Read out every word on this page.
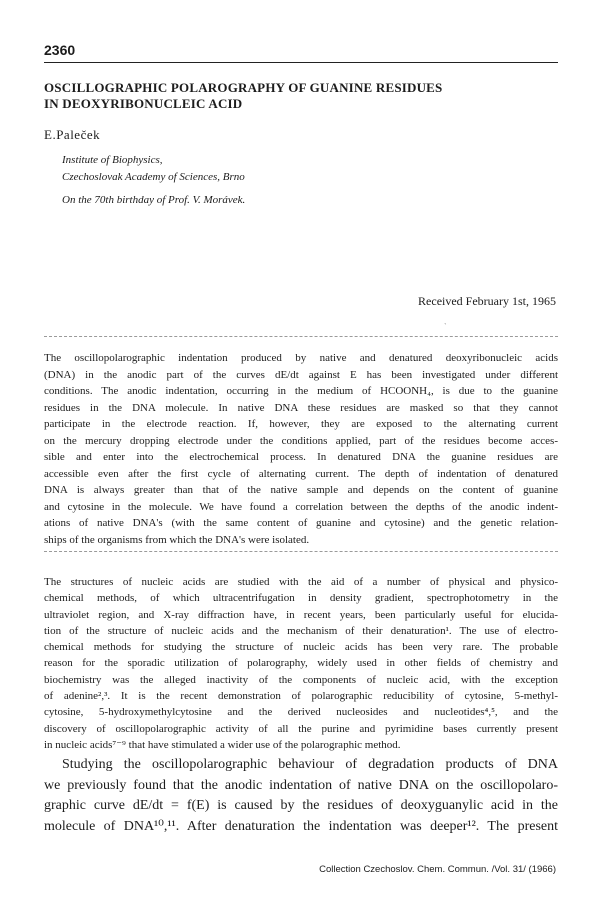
2360
OSCILLOGRAPHIC POLAROGRAPHY OF GUANINE RESIDUES
IN DEOXYRIBONUCLEIC ACID
E.Paleček
Institute of Biophysics,
Czechoslovak Academy of Sciences, Brno
On the 70th birthday of Prof. V. Morávek.
Received February 1st, 1965
`
The oscillopolarographic indentation produced by native and denatured deoxyribonucleic acids
(DNA) in the anodic part of the curves dE/dt against E has been investigated under different
conditions. The anodic indentation, occurring in the medium of HCOONH₄, is due to the guanine
residues in the DNA molecule. In native DNA these residues are masked so that they cannot
participate in the electrode reaction. If, however, they are exposed to the alternating current
on the mercury dropping electrode under the conditions applied, part of the residues become acces-
sible and enter into the electrochemical process. In denatured DNA the guanine residues are
accessible even after the first cycle of alternating current. The depth of indentation of denatured
DNA is always greater than that of the native sample and depends on the content of guanine
and cytosine in the molecule. We have found a correlation between the depths of the anodic indent-
ations of native DNA's (with the same content of guanine and cytosine) and the genetic relation-
ships of the organisms from which the DNA's were isolated.
The structures of nucleic acids are studied with the aid of a number of physical and physico-
chemical methods, of which ultracentrifugation in density gradient, spectrophotometry in the
ultraviolet region, and X-ray diffraction have, in recent years, been particularly useful for elucida-
tion of the structure of nucleic acids and the mechanism of their denaturation¹. The use of electro-
chemical methods for studying the structure of nucleic acids has been very rare. The probable
reason for the sporadic utilization of polarography, widely used in other fields of chemistry and
biochemistry was the alleged inactivity of the components of nucleic acid, with the exception
of adenine²,³. It is the recent demonstration of polarographic reducibility of cytosine, 5-methyl-
cytosine, 5-hydroxymethylcytosine and the derived nucleosides and nucleotides⁴,⁵, and the
discovery of oscillopolarographic activity of all the purine and pyrimidine bases currently present
in nucleic acids⁷⁻⁹ that have stimulated a wider use of the polarographic method.
Studying the oscillopolarographic behaviour of degradation products of DNA
we previously found that the anodic indentation of native DNA on the oscillopolaro-
graphic curve dE/dt = f(E) is caused by the residues of deoxyguanylic acid in the
molecule of DNA¹⁰,¹¹. After denaturation the indentation was deeper¹². The present
Collection Czechoslov. Chem. Commun. /Vol. 31/ (1966)
